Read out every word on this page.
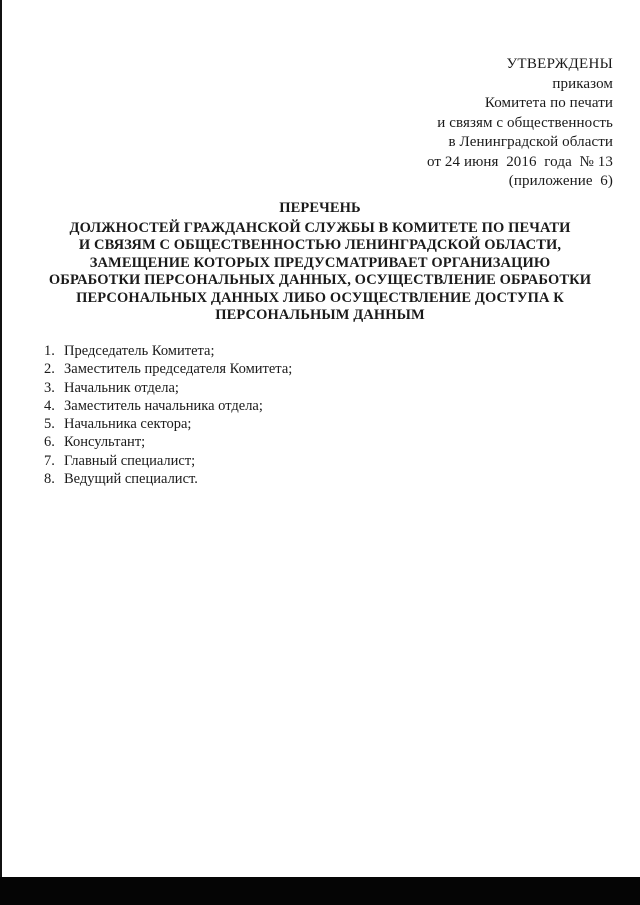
УТВЕРЖДЕНЫ
приказом
Комитета по печати
и связям с общественность
в Ленинградской области
от 24 июня  2016  года  № 13
(приложение  6)
ПЕРЕЧЕНЬ
ДОЛЖНОСТЕЙ ГРАЖДАНСКОЙ СЛУЖБЫ В КОМИТЕТЕ ПО ПЕЧАТИ
И СВЯЗЯМ С ОБЩЕСТВЕННОСТЬЮ ЛЕНИНГРАДСКОЙ ОБЛАСТИ,
ЗАМЕЩЕНИЕ КОТОРЫХ ПРЕДУСМАТРИВАЕТ ОРГАНИЗАЦИЮ
ОБРАБОТКИ ПЕРСОНАЛЬНЫХ ДАННЫХ, ОСУЩЕСТВЛЕНИЕ ОБРАБОТКИ
ПЕРСОНАЛЬНЫХ ДАННЫХ ЛИБО ОСУЩЕСТВЛЕНИЕ ДОСТУПА К
ПЕРСОНАЛЬНЫМ ДАННЫМ
1. Председатель Комитета;
2. Заместитель председателя Комитета;
3. Начальник отдела;
4. Заместитель начальника отдела;
5. Начальника сектора;
6. Консультант;
7. Главный специалист;
8. Ведущий специалист.
